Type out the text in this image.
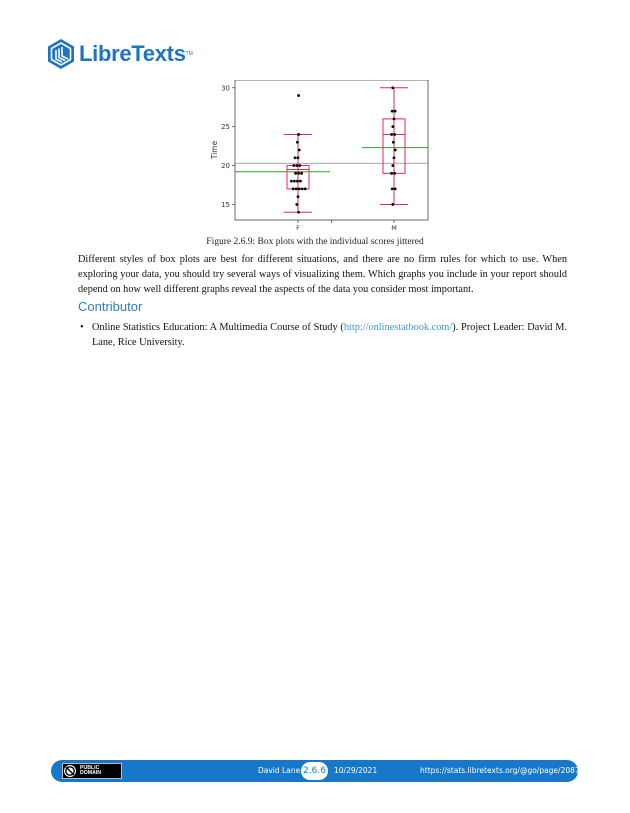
LibreTexts TM
15
20
25
30
Time
F	M
Figure 2.6.9: Box plots with the individual scores jittered

Different styles of box plots are best for different situations, and there are no firm rules for which to use. When exploring your data, you should try several ways of visualizing them. Which graphs you include in your report should depend on how well different graphs reveal the aspects of the data you consider most important.

Contributor
• Online Statistics Education: A Multimedia Course of Study (http://onlinestatbook.com/). Project Leader: David M. Lane, Rice University.
PUBLIC
DOMAIN	David Lane 2.6.6 10/29/2021	https://stats.libretexts.org/@go/page/2087
